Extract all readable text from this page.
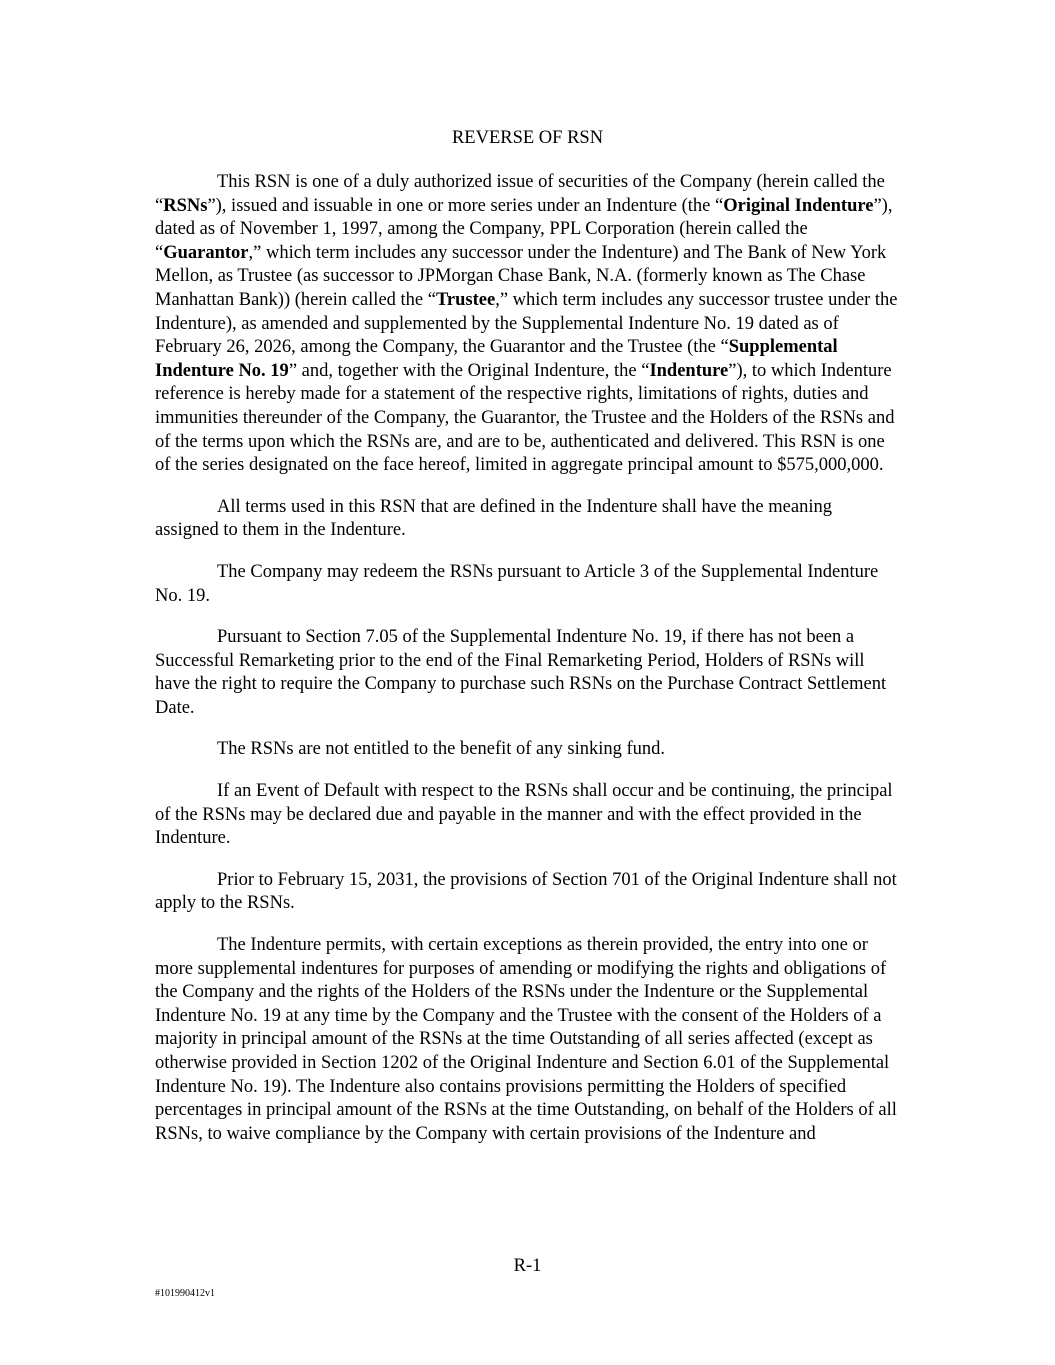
REVERSE OF RSN

This RSN is one of a duly authorized issue of securities of the Company (herein called the “RSNs”), issued and issuable in one or more series under an Indenture (the “Original Indenture”), dated as of November 1, 1997, among the Company, PPL Corporation (herein called the “Guarantor,” which term includes any successor under the Indenture) and The Bank of New York Mellon, as Trustee (as successor to JPMorgan Chase Bank, N.A. (formerly known as The Chase Manhattan Bank)) (herein called the “Trustee,” which term includes any successor trustee under the Indenture), as amended and supplemented by the Supplemental Indenture No. 19 dated as of February 26, 2026, among the Company, the Guarantor and the Trustee (the “Supplemental Indenture No. 19” and, together with the Original Indenture, the “Indenture”), to which Indenture reference is hereby made for a statement of the respective rights, limitations of rights, duties and immunities thereunder of the Company, the Guarantor, the Trustee and the Holders of the RSNs and of the terms upon which the RSNs are, and are to be, authenticated and delivered. This RSN is one of the series designated on the face hereof, limited in aggregate principal amount to $575,000,000.

All terms used in this RSN that are defined in the Indenture shall have the meaning assigned to them in the Indenture.

The Company may redeem the RSNs pursuant to Article 3 of the Supplemental Indenture No. 19.

Pursuant to Section 7.05 of the Supplemental Indenture No. 19, if there has not been a Successful Remarketing prior to the end of the Final Remarketing Period, Holders of RSNs will have the right to require the Company to purchase such RSNs on the Purchase Contract Settlement Date.

The RSNs are not entitled to the benefit of any sinking fund.

If an Event of Default with respect to the RSNs shall occur and be continuing, the principal of the RSNs may be declared due and payable in the manner and with the effect provided in the Indenture.

Prior to February 15, 2031, the provisions of Section 701 of the Original Indenture shall not apply to the RSNs.

The Indenture permits, with certain exceptions as therein provided, the entry into one or more supplemental indentures for purposes of amending or modifying the rights and obligations of the Company and the rights of the Holders of the RSNs under the Indenture or the Supplemental Indenture No. 19 at any time by the Company and the Trustee with the consent of the Holders of a majority in principal amount of the RSNs at the time Outstanding of all series affected (except as otherwise provided in Section 1202 of the Original Indenture and Section 6.01 of the Supplemental Indenture No. 19). The Indenture also contains provisions permitting the Holders of specified percentages in principal amount of the RSNs at the time Outstanding, on behalf of the Holders of all RSNs, to waive compliance by the Company with certain provisions of the Indenture and

R-1
#101990412v1
